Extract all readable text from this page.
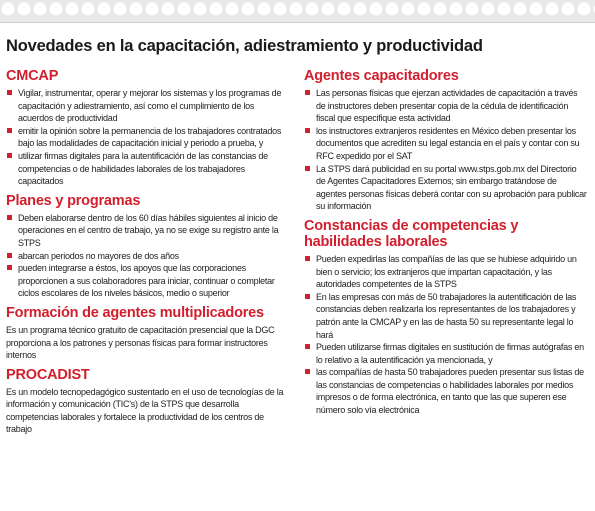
Novedades en la capacitación, adiestramiento y productividad
CMCAP
Vigilar, instrumentar, operar y mejorar los sistemas y los programas de capacitación y adiestramiento, así como el cumplimiento de los acuerdos de productividad
emitir la opinión sobre la permanencia de los trabajadores contratados bajo las modalidades de capacitación inicial y periodo a prueba, y
utilizar firmas digitales para la autentificación de las constancias de competencias o de habilidades laborales de los trabajadores capacitados
Planes y programas
Deben elaborarse dentro de los 60 días hábiles siguientes al inicio de operaciones en el centro de trabajo, ya no se exige su registro ante la STPS
abarcan periodos no mayores de dos años
pueden integrarse a éstos, los apoyos que las corporaciones proporcionen a sus colaboradores para iniciar, continuar o completar ciclos escolares de los niveles básicos, medio o superior
Formación de agentes multiplicadores
Es un programa técnico gratuito de capacitación presencial que la DGC proporciona a los patrones y personas físicas para formar instructores internos
PROCADIST
Es un modelo tecnopedagógico sustentado en el uso de tecnologías de la información y comunicación (TIC's) de la STPS que desarrolla competencias laborales y fortalece la productividad de los centros de trabajo
Agentes capacitadores
Las personas físicas que ejerzan actividades de capacitación a través de instructores deben presentar copia de la cédula de identificación fiscal que especifique esta actividad
los instructores extranjeros residentes en México deben presentar los documentos que acrediten su legal estancia en el país y contar con su RFC expedido por el SAT
La STPS dará publicidad en su portal www.stps.gob.mx del Directorio de Agentes Capacitadores Externos; sin embargo tratándose de agentes personas físicas deberá contar con su aprobación para publicar su información
Constancias de competencias y habilidades laborales
Pueden expedirlas las compañías de las que se hubiese adquirido un bien o servicio; los extranjeros que impartan capacitación, y las autoridades competentes de la STPS
En las empresas con más de 50 trabajadores la autentificación de las constancias deben realizarla los representantes de los trabajadores y patrón ante la CMCAP y en las de hasta 50 su representante legal lo hará
Pueden utilizarse firmas digitales en sustitución de firmas autógrafas en lo relativo a la autentificación ya mencionada, y
las compañías de hasta 50 trabajadores pueden presentar sus listas de las constancias de competencias o habilidades laborales por medios impresos o de forma electrónica, en tanto que las que superen ese número solo vía electrónica
